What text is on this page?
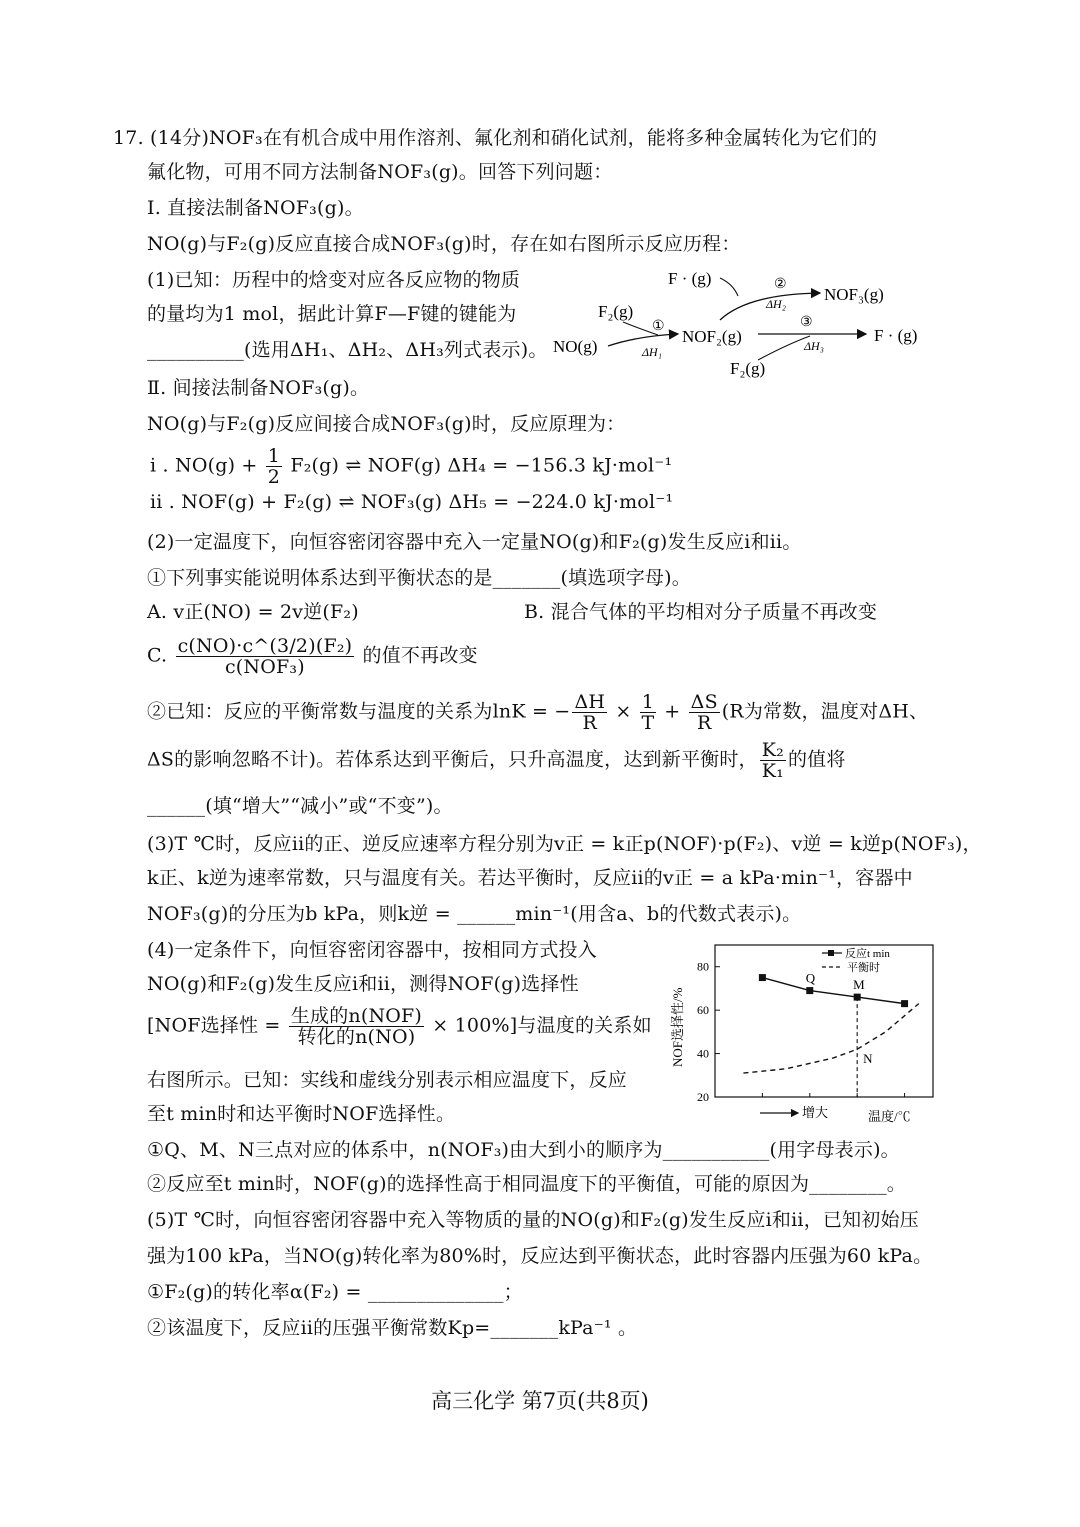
17. (14分)NOF₃在有机合成中用作溶剂、氟化剂和硝化试剂，能将多种金属转化为它们的
氟化物，可用不同方法制备NOF₃(g)。回答下列问题：
Ⅰ. 直接法制备NOF₃(g)。
NO(g)与F₂(g)反应直接合成NOF₃(g)时，存在如右图所示反应历程：
(1)已知：历程中的焓变对应各反应物的物质
的量均为1 mol，据此计算F—F键的键能为
__________(选用ΔH₁、ΔH₂、ΔH₃列式表示)。 NO(g)
F₂(g)
①
ΔH₁
NOF₂(g)
F · (g)	②
ΔH₂ NOF₃(g)
③
ΔH₃
F · (g)
F₂(g)
Ⅱ. 间接法制备NOF₃(g)。
NO(g)与F₂(g)反应间接合成NOF₃(g)时，反应原理为：
i . $NO(g) + \frac{1}{2} F_2(g)$ ⇌ NOF(g) ΔH₄ = −156.3 kJ·mol⁻¹
ii . NOF(g) + F₂(g) ⇌ NOF₃(g) ΔH₅ = −224.0 kJ·mol⁻¹
(2)一定温度下，向恒容密闭容器中充入一定量NO(g)和F₂(g)发生反应i和ii。
①下列事实能说明体系达到平衡状态的是_______(填选项字母)。
A. v正(NO) = 2v逆(F₂)	B. 混合气体的平均相对分子质量不再改变
C. $\frac{\text{c(NO)·c\textasciicircum{}(3/2)(F₂)}}{\text{c(NOF₃)}}$ 的值不再改变
②已知：反应的平衡常数与温度的关系为lnK = − $\frac{\Delta H}{R} \times \frac{1}{T} + \frac{\Delta S}{R} (R$为常数，温度对ΔH、
ΔS的影响忽略不计)。若体系达到平衡后，只升高温度，达到新平衡时， $\frac{\text{K₂}}{\text{K₁}}$ 的值将
______(填“增大”“减小”或“不变”)。
(3)T ℃时，反应ii的正、逆反应速率方程分别为v正 = k正p(NOF)·p(F₂)、v逆 = k逆p(NOF₃)，
k正、k逆为速率常数，只与温度有关。若达平衡时，反应ii的v正 = a kPa·min⁻¹，容器中
NOF₃(g)的分压为b kPa，则k逆 = ______min⁻¹(用含a、b的代数式表示)。
(4)一定条件下，向恒容密闭容器中，按相同方式投入
NO(g)和F₂(g)发生反应i和ii，测得NOF(g)选择性
[NOF选择性 = $\frac{\text{生成的n(NOF)}}{\text{转化的n(NO)}} \times 100\%$]与温度的关系如
右图所示。已知：实线和虚线分别表示相应温度下，反应
至t min时和达平衡时NOF选择性。
NOF选择性/%
20
40
60
80
Q	M
N
反应t min
平衡时
增大	温度/℃
①Q、M、N三点对应的体系中，n(NOF₃)由大到小的顺序为___________(用字母表示)。
②反应至t min时，NOF(g)的选择性高于相同温度下的平衡值，可能的原因为________。
(5)T ℃时，向恒容密闭容器中充入等物质的量的NO(g)和F₂(g)发生反应i和ii，已知初始压
强为100 kPa，当NO(g)转化率为80%时，反应达到平衡状态，此时容器内压强为60 kPa。
①F₂(g)的转化率α(F₂) = ______________；
②该温度下，反应ii的压强平衡常数Kp=_______kPa⁻¹ 。
高三化学 第7页(共8页)
